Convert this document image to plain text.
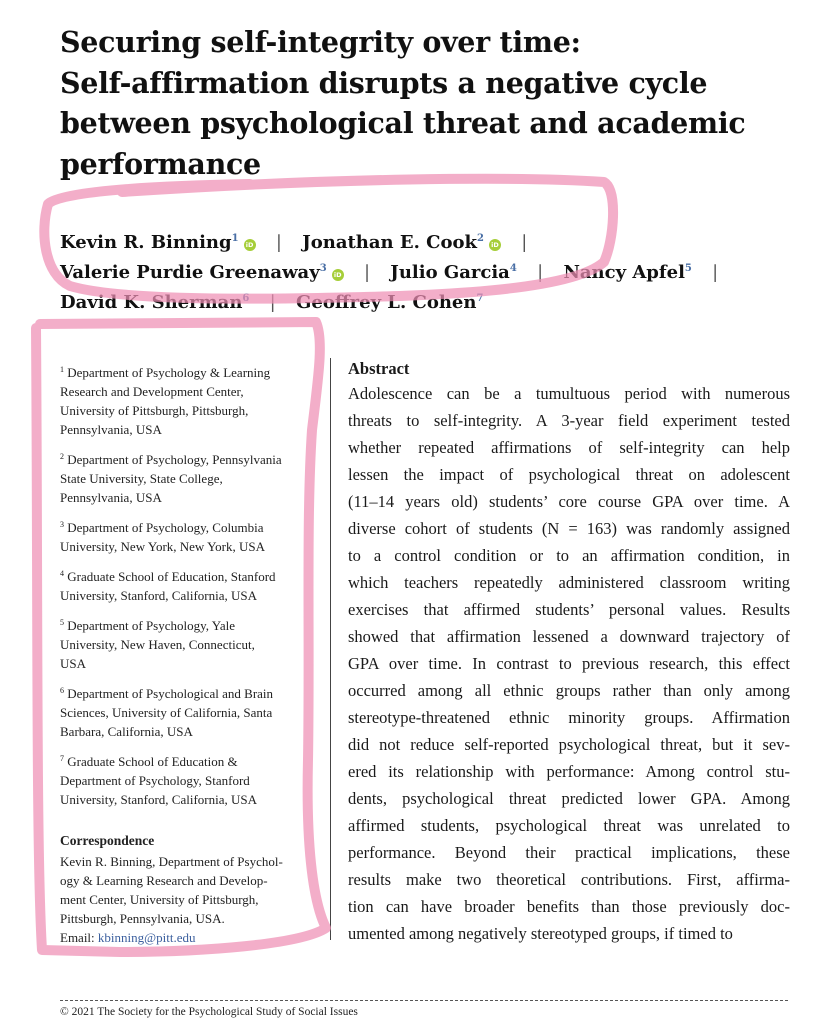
Securing self-integrity over time:
Self-affirmation disrupts a negative cycle
between psychological threat and academic
performance
Kevin R. Binning$^1$iD | Jonathan E. Cook$^2$iD |
Valerie Purdie Greenaway$^3$iD | Julio Garcia$^4$ | Nancy Apfel$^5$ |
David K. Sherman$^6$ | Geoffrey L. Cohen$^7$
$^1$ Department of Psychology & Learning
Research and Development Center,
University of Pittsburgh, Pittsburgh,
Pennsylvania, USA
$^2$ Department of Psychology, Pennsylvania
State University, State College,
Pennsylvania, USA
$^3$ Department of Psychology, Columbia
University, New York, New York, USA
$^4$ Graduate School of Education, Stanford
University, Stanford, California, USA
$^5$ Department of Psychology, Yale
University, New Haven, Connecticut,
USA
$^6$ Department of Psychological and Brain
Sciences, University of California, Santa
Barbara, California, USA
$^7$ Graduate School of Education &
Department of Psychology, Stanford
University, Stanford, California, USA
Correspondence
Kevin R. Binning, Department of Psychol-
ogy & Learning Research and Develop-
ment Center, University of Pittsburgh,
Pittsburgh, Pennsylvania, USA.
Email: kbinning@pitt.edu
Abstract
Adolescence can be a tumultuous period with numerous
threats to self-integrity. A 3-year field experiment tested
whether repeated affirmations of self-integrity can help
lessen the impact of psychological threat on adolescent
(11–14 years old) students’ core course GPA over time. A
diverse cohort of students (N = 163) was randomly assigned
to a control condition or to an affirmation condition, in
which teachers repeatedly administered classroom writing
exercises that affirmed students’ personal values. Results
showed that affirmation lessened a downward trajectory of
GPA over time. In contrast to previous research, this effect
occurred among all ethnic groups rather than only among
stereotype-threatened ethnic minority groups. Affirmation
did not reduce self-reported psychological threat, but it sev-
ered its relationship with performance: Among control stu-
dents, psychological threat predicted lower GPA. Among
affirmed students, psychological threat was unrelated to
performance. Beyond their practical implications, these
results make two theoretical contributions. First, affirma-
tion can have broader benefits than those previously doc-
umented among negatively stereotyped groups, if timed to
© 2021 The Society for the Psychological Study of Social Issues
